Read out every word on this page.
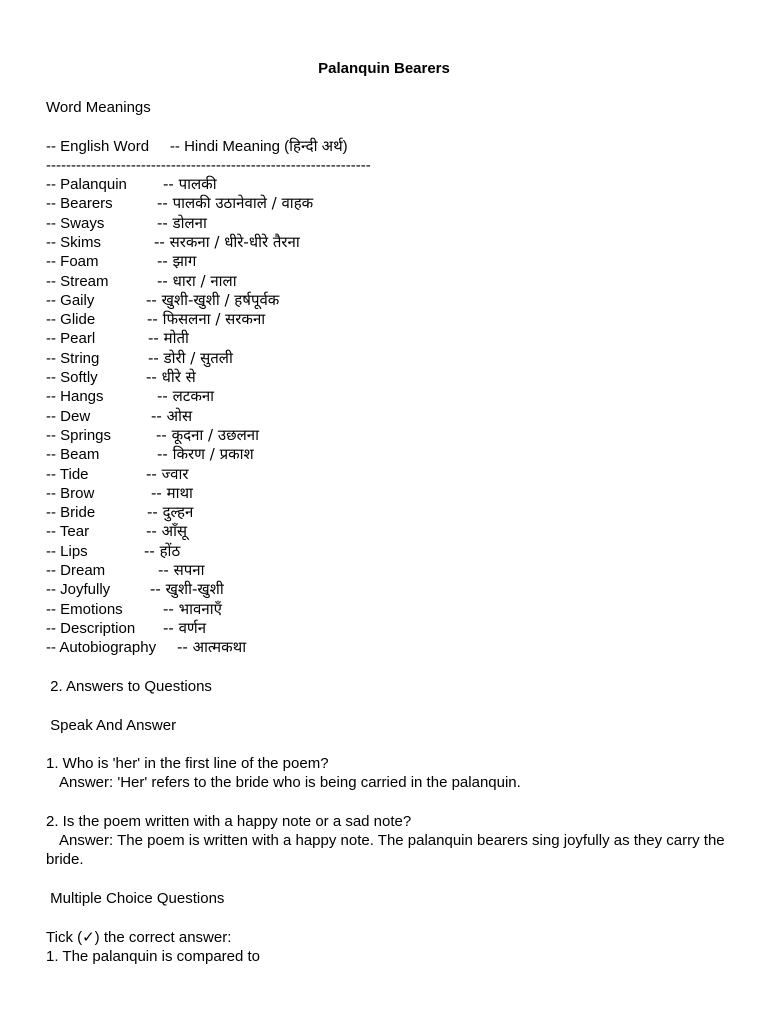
Palanquin Bearers
Word Meanings
-- English Word     -- Hindi Meaning (हिन्दी अर्थ)
-----------------------------------------------------------------
-- Palanquin -- पालकी
-- Bearers	-- पालकी उठानेवाले / वाहक
-- Sways	-- डोलना
-- Skims	-- सरकना / धीरे-धीरे तैरना
-- Foam	-- झाग
-- Stream	-- धारा / नाला
-- Gaily	-- खुशी-खुशी / हर्षपूर्वक
-- Glide	-- फिसलना / सरकना
-- Pearl	-- मोती
-- String	-- डोरी / सुतली
-- Softly	-- धीरे से
-- Hangs	-- लटकना
-- Dew	-- ओस
-- Springs	-- कूदना / उछलना
-- Beam	-- किरण / प्रकाश
-- Tide	-- ज्वार
-- Brow	-- माथा
-- Bride	-- दुल्हन
-- Tear	-- आँसू
-- Lips	-- होंठ
-- Dream	-- सपना
-- Joyfully	-- खुशी-खुशी
-- Emotions	-- भावनाएँ
-- Description -- वर्णन
-- Autobiography -- आत्मकथा
2. Answers to Questions
Speak And Answer
1. Who is 'her' in the first line of the poem?
Answer: 'Her' refers to the bride who is being carried in the palanquin.
2. Is the poem written with a happy note or a sad note?
Answer: The poem is written with a happy note. The palanquin bearers sing joyfully as they carry the bride.
Multiple Choice Questions
Tick (✓) the correct answer:
1. The palanquin is compared to
